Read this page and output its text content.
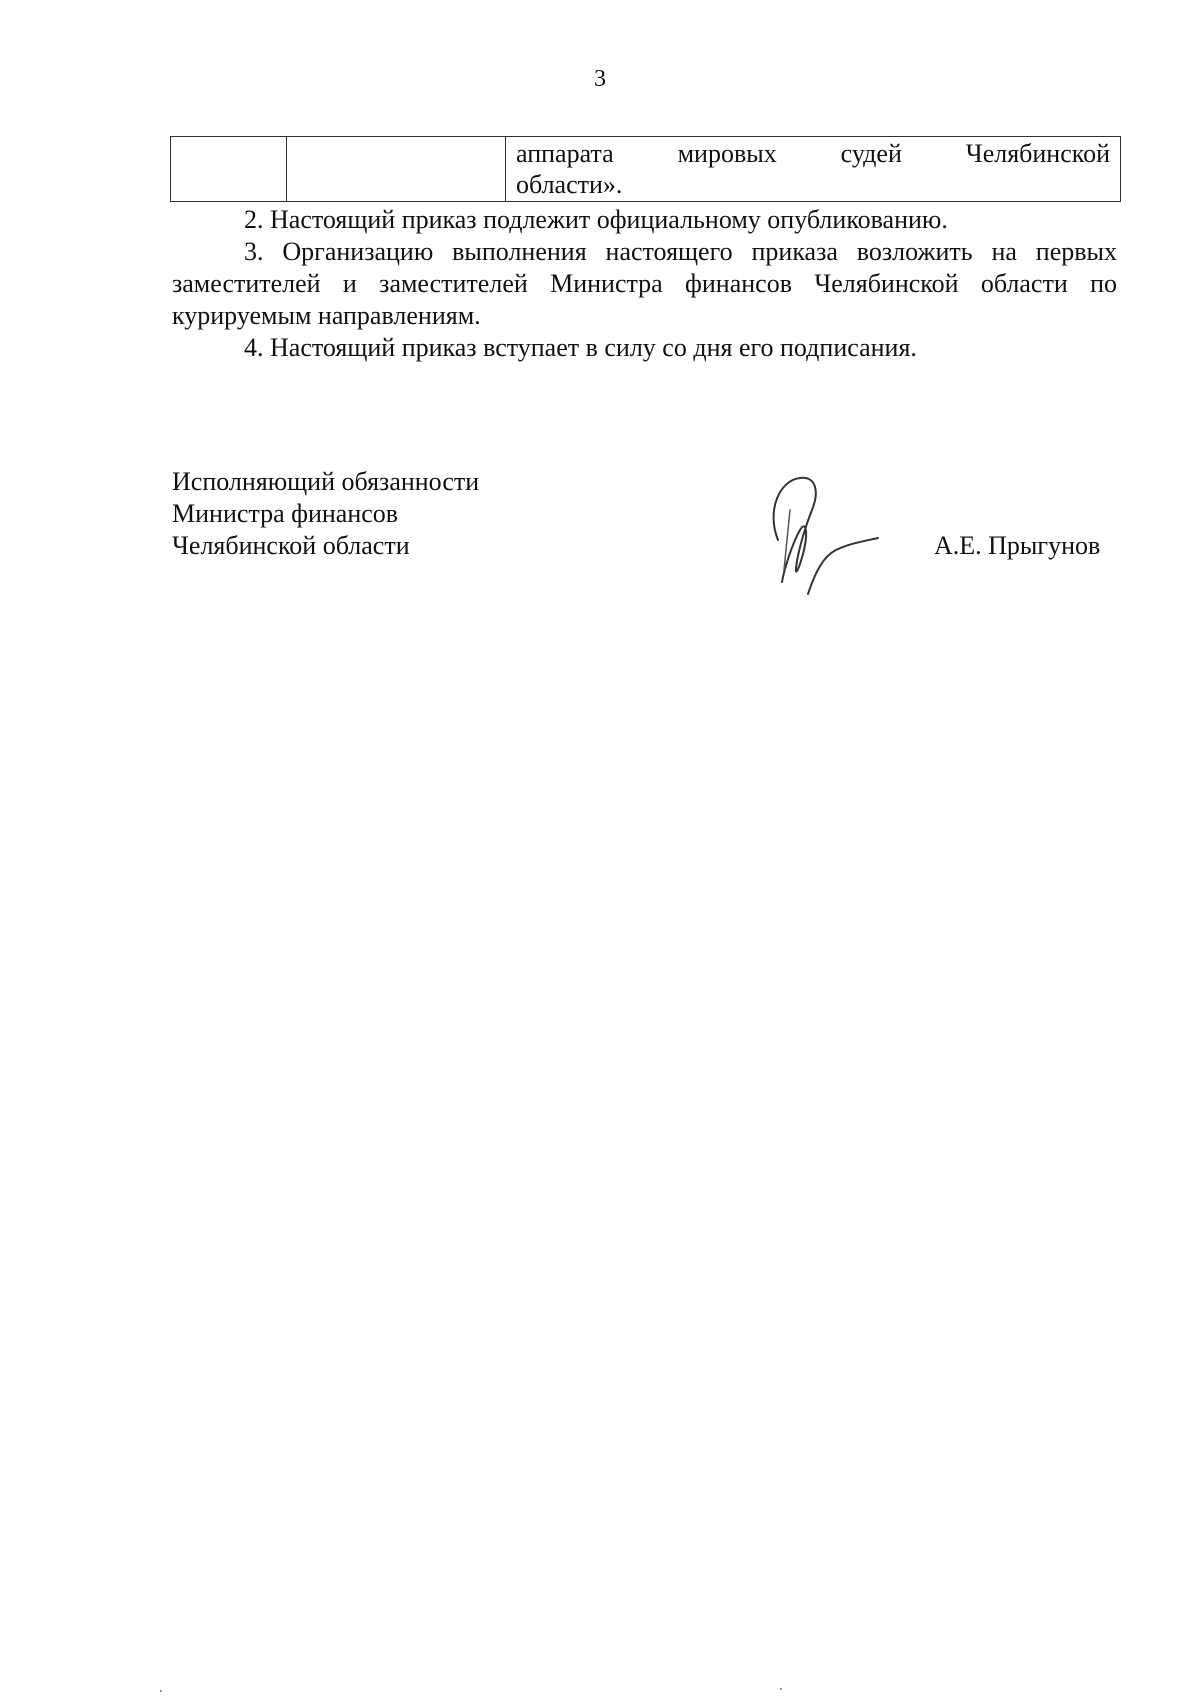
3

аппарата мировых судей Челябинской
области».

2. Настоящий приказ подлежит официальному опубликованию.

3. Организацию выполнения настоящего приказа возложить на первых заместителей и заместителей Министра финансов Челябинской области по курируемым направлениям.

4. Настоящий приказ вступает в силу со дня его подписания.

Исполняющий обязанности
Министра финансов
Челябинской области	А.Е. Прыгунов
